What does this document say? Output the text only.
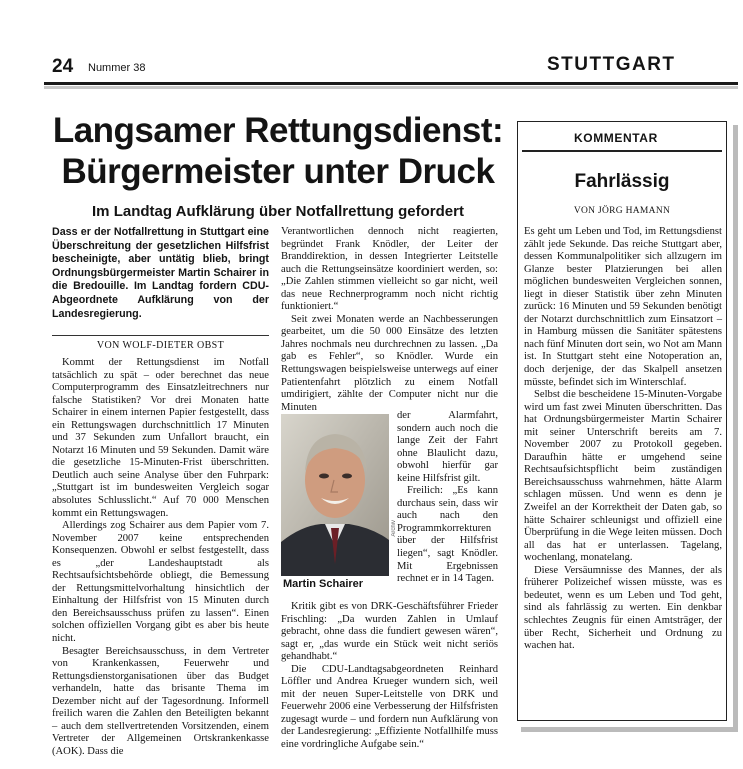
24 Nummer 38	STUTTGART
Langsamer Rettungsdienst:
Bürgermeister unter Druck
Im Landtag Aufklärung über Notfallrettung gefordert
Dass er der Notfallrettung in Stuttgart eine Überschreitung der gesetzlichen Hilfsfrist bescheinigte, aber untätig blieb, bringt Ordnungsbürgermeister Martin Schairer in die Bredouille. Im Landtag fordern CDU-Abgeordnete Aufklärung von der Landesregierung.
VON WOLF-DIETER OBST

Kommt der Rettungsdienst im Notfall tatsächlich zu spät – oder berechnet das neue Computerprogramm des Einsatzleitrechners nur falsche Statistiken? Vor drei Monaten hatte Schairer in einem internen Papier festgestellt, dass ein Rettungswagen durchschnittlich 17 Minuten und 37 Sekunden zum Unfallort braucht, ein Notarzt 16 Minuten und 59 Sekunden. Damit wäre die gesetzliche 15-Minuten-Frist überschritten. Deutlich auch seine Analyse über den Fuhrpark: „Stuttgart ist im bundesweiten Vergleich sogar absolutes Schlusslicht.“ Auf 70 000 Menschen kommt ein Rettungswagen.

Allerdings zog Schairer aus dem Papier vom 7. November 2007 keine entsprechenden Konsequenzen. Obwohl er selbst festgestellt, dass es „der Landeshauptstadt als Rechtsaufsichtsbehörde obliegt, die Bemessung der Rettungsmittelvorhaltung hinsichtlich der Einhaltung der Hilfsfrist von 15 Minuten durch den Bereichsausschuss prüfen zu lassen“. Einen solchen offiziellen Vorgang gibt es aber bis heute nicht.

Besagter Bereichsausschuss, in dem Vertreter von Krankenkassen, Feuerwehr und Rettungsdienstorganisationen über das Budget verhandeln, hatte das brisante Thema im Dezember nicht auf der Tagesordnung. Informell freilich waren die Zahlen den Beteiligten bekannt – auch dem stellvertretenden Vorsitzenden, einem Vertreter der Allgemeinen Ortskrankenkasse (AOK). Dass die

Verantwortlichen dennoch nicht reagierten, begründet Frank Knödler, der Leiter der Branddirektion, in dessen Integrierter Leitstelle auch die Rettungseinsätze koordiniert werden, so: „Die Zahlen stimmen vielleicht so gar nicht, weil das neue Rechnerprogramm noch nicht richtig funktioniert.“

Seit zwei Monaten werde an Nachbesserungen gearbeitet, um die 50 000 Einsätze des letzten Jahres nochmals neu durchrechnen zu lassen. „Da gab es Fehler“, so Knödler. Wurde ein Rettungswagen beispielsweise unterwegs auf einer Patientenfahrt plötzlich zu einem Notfall umdirigiert, zählte der Computer nicht nur die Minuten

Archiv
Martin Schairer

der Alarmfahrt, sondern auch noch die lange Zeit der Fahrt ohne Blaulicht dazu, obwohl hierfür gar keine Hilfsfrist gilt.

Freilich: „Es kann durchaus sein, dass wir auch nach den Programmkorrekturen über der Hilfsfrist liegen“, sagt Knödler. Mit Ergebnissen rechnet er in 14 Tagen.

Kritik gibt es von DRK-Geschäftsführer Frieder Frischling: „Da wurden Zahlen in Umlauf gebracht, ohne dass die fundiert gewesen wären“, sagt er, „das wurde ein Stück weit nicht seriös gehandhabt.“

Die CDU-Landtagsabgeordneten Reinhard Löffler und Andrea Krueger wundern sich, weil mit der neuen Super-Leitstelle von DRK und Feuerwehr 2006 eine Verbesserung der Hilfsfristen zugesagt wurde – und fordern nun Aufklärung von der Landesregierung: „Effiziente Notfallhilfe muss eine vordringliche Aufgabe sein.“

KOMMENTAR
Fahrlässig
VON JÖRG HAMANN

Es geht um Leben und Tod, im Rettungsdienst zählt jede Sekunde. Das reiche Stuttgart aber, dessen Kommunalpolitiker sich allzugern im Glanze bester Platzierungen bei allen möglichen bundesweiten Vergleichen sonnen, liegt in dieser Statistik über zehn Minuten zurück: 16 Minuten und 59 Sekunden benötigt der Notarzt durchschnittlich zum Einsatzort – in Hamburg müssen die Sanitäter spätestens nach fünf Minuten dort sein, wo Not am Mann ist. In Stuttgart steht eine Notoperation an, doch derjenige, der das Skalpell ansetzen müsste, befindet sich im Winterschlaf.

Selbst die bescheidene 15-Minuten-Vorgabe wird um fast zwei Minuten überschritten. Das hat Ordnungsbürgermeister Martin Schairer mit seiner Unterschrift bereits am 7. November 2007 zu Protokoll gegeben. Daraufhin hätte er umgehend seine Rechtsaufsichtspflicht beim zuständigen Bereichsausschuss wahrnehmen, hätte Alarm schlagen müssen. Und wenn es denn je Zweifel an der Korrektheit der Daten gab, so hätte Schairer schleunigst und offiziell eine Überprüfung in die Wege leiten müssen. Doch all das hat er unterlassen. Tagelang, wochenlang, monatelang.

Diese Versäumnisse des Mannes, der als früherer Polizeichef wissen müsste, was es bedeutet, wenn es um Leben und Tod geht, sind als fahrlässig zu werten. Ein denkbar schlechtes Zeugnis für einen Amtsträger, der über Recht, Sicherheit und Ordnung zu wachen hat.
